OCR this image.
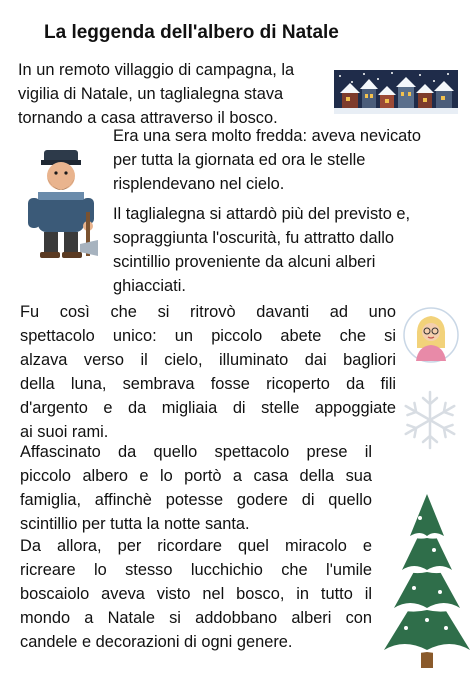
La leggenda dell'albero di Natale
In un remoto villaggio di campagna, la
vigilia di Natale, un taglialegna stava
tornando a casa attraverso il bosco.
Era una sera molto fredda: aveva nevicato
per tutta la giornata ed ora le stelle
risplendevano nel cielo.
Il taglialegna si attardò più del previsto e,
sopraggiunta l'oscurità, fu attratto dallo
scintillio proveniente da alcuni alberi
ghiacciati.
Fu così che si ritrovò davanti ad uno
spettacolo unico: un piccolo abete che si
alzava verso il cielo, illuminato dai bagliori
della luna, sembrava fosse ricoperto da fili
d'argento e da migliaia di stelle appoggiate
ai suoi rami.
Affascinato da quello spettacolo prese il
piccolo albero e lo portò a casa della sua
famiglia, affinchè potesse godere di quello
scintillio per tutta la notte santa.
Da allora, per ricordare quel miracolo e
ricreare lo stesso lucchichio che l'umile
boscaiolo aveva visto nel bosco, in tutto il
mondo a Natale si addobbano alberi con
candele e decorazioni di ogni genere.
